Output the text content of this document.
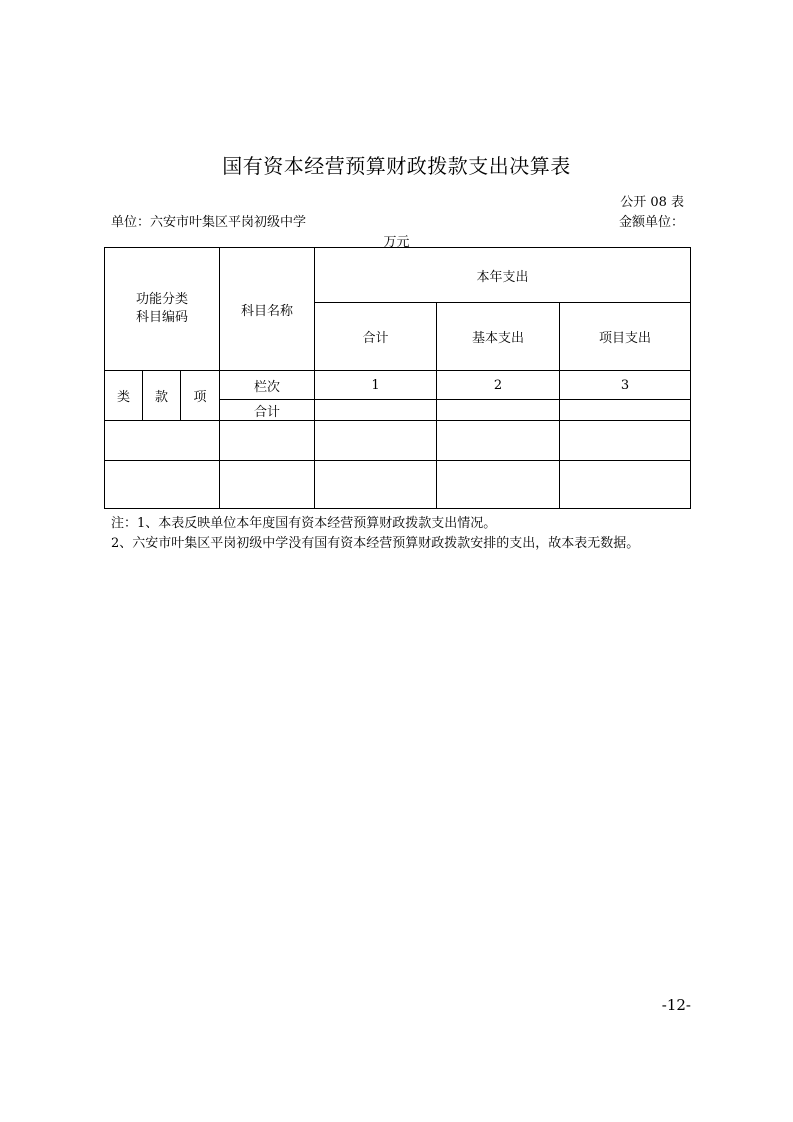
国有资本经营预算财政拨款支出决算表
公开 08 表
单位：六安市叶集区平岗初级中学	金额单位：
万元
功能分类
科目编码			科目名称	本年支出		
				合计	基本支出	项目支出
类	款	项	栏次	1	2	3
			合计			

注：1、本表反映单位本年度国有资本经营预算财政拨款支出情况。
2、六安市叶集区平岗初级中学没有国有资本经营预算财政拨款安排的支出，故本表无数据。
-12-
